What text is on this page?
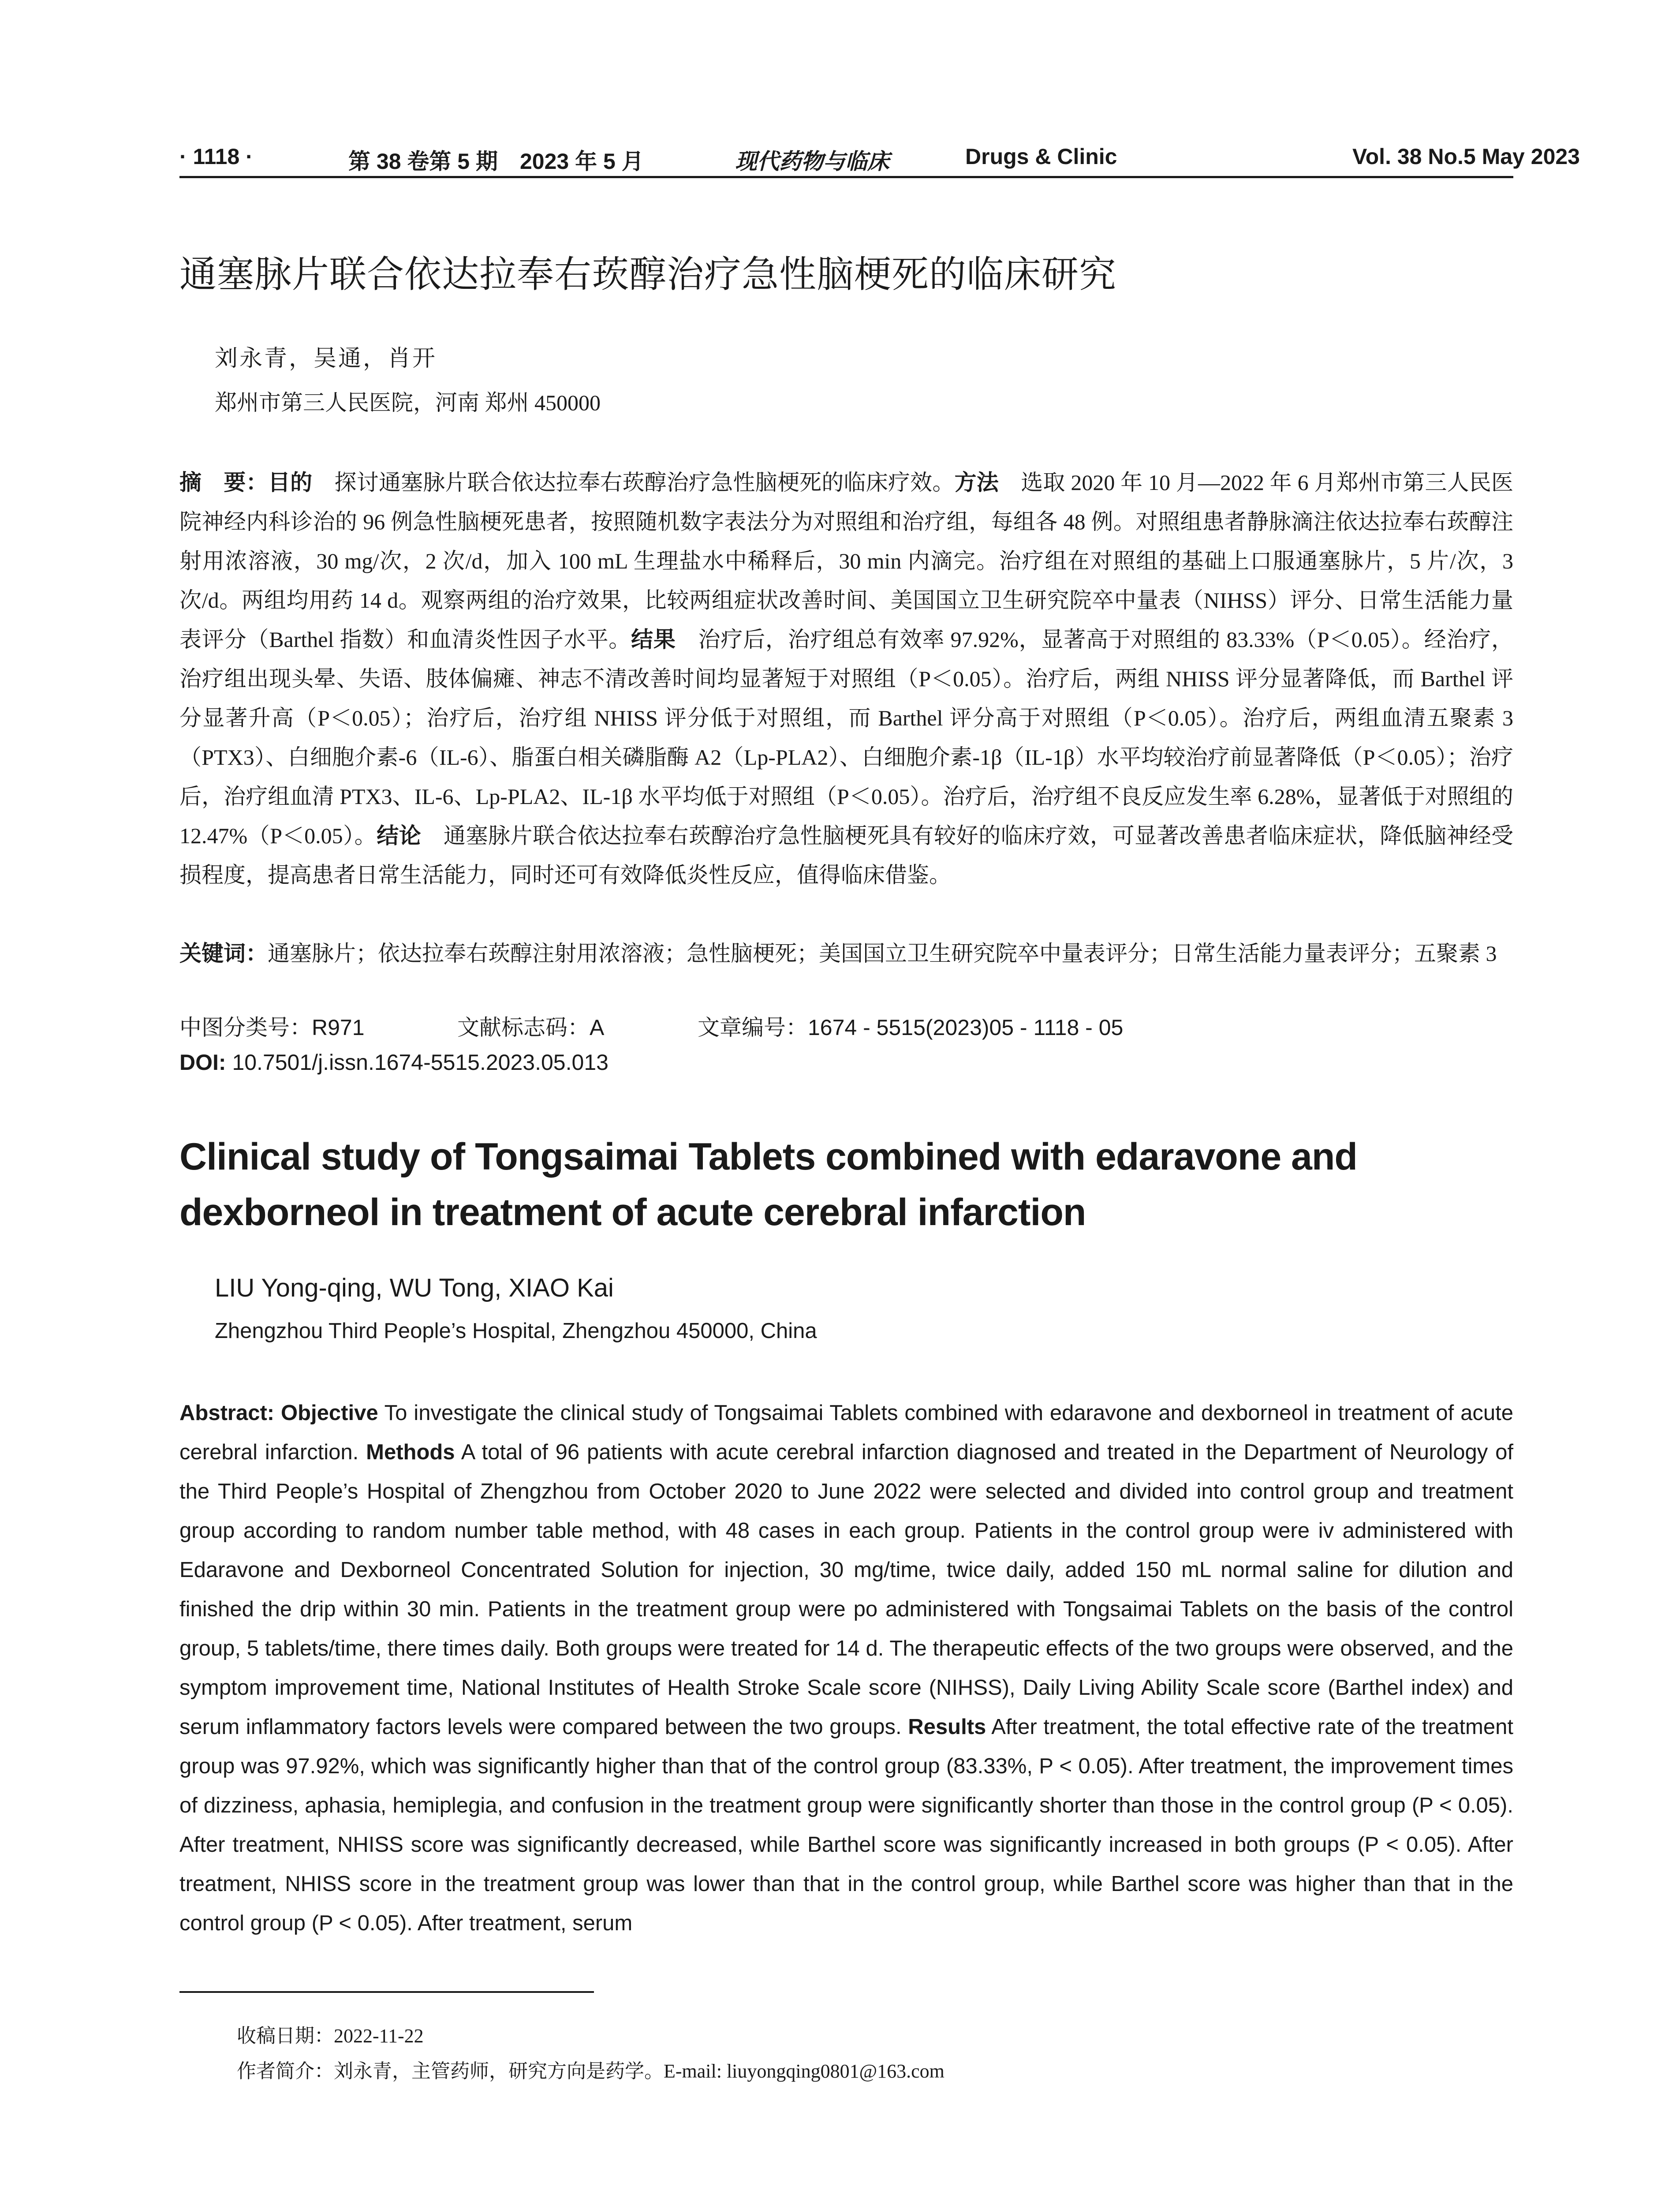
· 1118 ·	第 38 卷第 5 期　2023 年 5 月	现代药物与临床	Drugs & Clinic	Vol. 38 No.5 May 2023
通塞脉片联合依达拉奉右莰醇治疗急性脑梗死的临床研究
刘永青，吴通，肖开
郑州市第三人民医院，河南 郑州 450000
摘　要：目的　探讨通塞脉片联合依达拉奉右莰醇治疗急性脑梗死的临床疗效。方法　选取 2020 年 10 月—2022 年 6 月郑州市第三人民医院神经内科诊治的 96 例急性脑梗死患者，按照随机数字表法分为对照组和治疗组，每组各 48 例。对照组患者静脉滴注依达拉奉右莰醇注射用浓溶液，30 mg/次，2 次/d，加入 100 mL 生理盐水中稀释后，30 min 内滴完。治疗组在对照组的基础上口服通塞脉片，5 片/次，3 次/d。两组均用药 14 d。观察两组的治疗效果，比较两组症状改善时间、美国国立卫生研究院卒中量表（NIHSS）评分、日常生活能力量表评分（Barthel 指数）和血清炎性因子水平。结果　治疗后，治疗组总有效率 97.92%，显著高于对照组的 83.33%（P＜0.05）。经治疗，治疗组出现头晕、失语、肢体偏瘫、神志不清改善时间均显著短于对照组（P＜0.05）。治疗后，两组 NHISS 评分显著降低，而 Barthel 评分显著升高（P＜0.05）；治疗后，治疗组 NHISS 评分低于对照组，而 Barthel 评分高于对照组（P＜0.05）。治疗后，两组血清五聚素 3（PTX3）、白细胞介素-6（IL-6）、脂蛋白相关磷脂酶 A2（Lp-PLA2）、白细胞介素-1β（IL-1β）水平均较治疗前显著降低（P＜0.05）；治疗后，治疗组血清 PTX3、IL-6、Lp-PLA2、IL-1β 水平均低于对照组（P＜0.05）。治疗后，治疗组不良反应发生率 6.28%，显著低于对照组的 12.47%（P＜0.05）。结论　通塞脉片联合依达拉奉右莰醇治疗急性脑梗死具有较好的临床疗效，可显著改善患者临床症状，降低脑神经受损程度，提高患者日常生活能力，同时还可有效降低炎性反应，值得临床借鉴。
关键词：通塞脉片；依达拉奉右莰醇注射用浓溶液；急性脑梗死；美国国立卫生研究院卒中量表评分；日常生活能力量表评分；五聚素 3
中图分类号：R971	文献标志码：A	文章编号：1674 - 5515(2023)05 - 1118 - 05
DOI: 10.7501/j.issn.1674-5515.2023.05.013
Clinical study of Tongsaimai Tablets combined with edaravone and dexborneol in treatment of acute cerebral infarction
LIU Yong-qing, WU Tong, XIAO Kai
Zhengzhou Third People’s Hospital, Zhengzhou 450000, China
Abstract: Objective To investigate the clinical study of Tongsaimai Tablets combined with edaravone and dexborneol in treatment of acute cerebral infarction. Methods A total of 96 patients with acute cerebral infarction diagnosed and treated in the Department of Neurology of the Third People’s Hospital of Zhengzhou from October 2020 to June 2022 were selected and divided into control group and treatment group according to random number table method, with 48 cases in each group. Patients in the control group were iv administered with Edaravone and Dexborneol Concentrated Solution for injection, 30 mg/time, twice daily, added 150 mL normal saline for dilution and finished the drip within 30 min. Patients in the treatment group were po administered with Tongsaimai Tablets on the basis of the control group, 5 tablets/time, there times daily. Both groups were treated for 14 d. The therapeutic effects of the two groups were observed, and the symptom improvement time, National Institutes of Health Stroke Scale score (NIHSS), Daily Living Ability Scale score (Barthel index) and serum inflammatory factors levels were compared between the two groups. Results After treatment, the total effective rate of the treatment group was 97.92%, which was significantly higher than that of the control group (83.33%, P < 0.05). After treatment, the improvement times of dizziness, aphasia, hemiplegia, and confusion in the treatment group were significantly shorter than those in the control group (P < 0.05). After treatment, NHISS score was significantly decreased, while Barthel score was significantly increased in both groups (P < 0.05). After treatment, NHISS score in the treatment group was lower than that in the control group, while Barthel score was higher than that in the control group (P < 0.05). After treatment, serum
收稿日期：2022-11-22
作者简介：刘永青，主管药师，研究方向是药学。E-mail: liuyongqing0801@163.com
